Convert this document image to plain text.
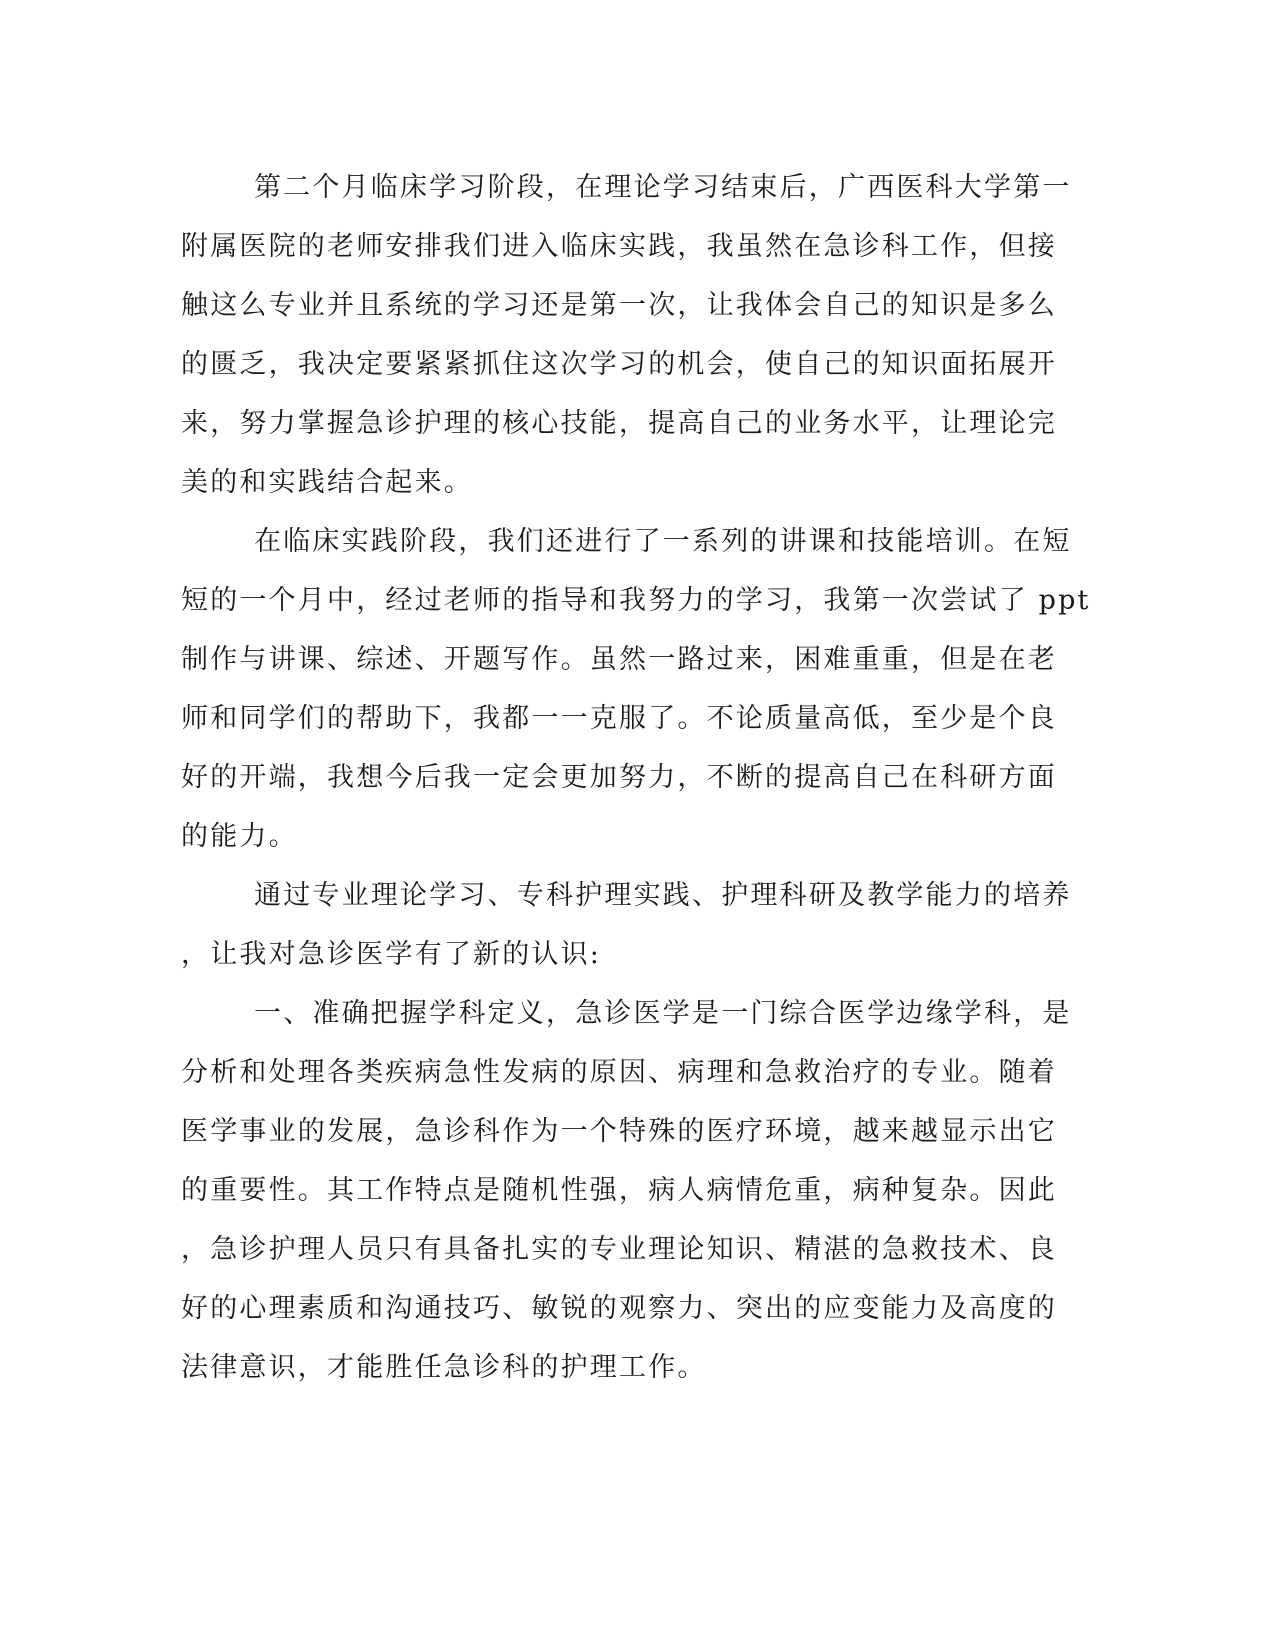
第二个月临床学习阶段，在理论学习结束后，广西医科大学第一
附属医院的老师安排我们进入临床实践，我虽然在急诊科工作，但接
触这么专业并且系统的学习还是第一次，让我体会自己的知识是多么
的匮乏，我决定要紧紧抓住这次学习的机会，使自己的知识面拓展开
来，努力掌握急诊护理的核心技能，提高自己的业务水平，让理论完
美的和实践结合起来。
在临床实践阶段，我们还进行了一系列的讲课和技能培训。在短
短的一个月中，经过老师的指导和我努力的学习，我第一次尝试了 ppt
制作与讲课、综述、开题写作。虽然一路过来，困难重重，但是在老
师和同学们的帮助下，我都一一克服了。不论质量高低，至少是个良
好的开端，我想今后我一定会更加努力，不断的提高自己在科研方面
的能力。
通过专业理论学习、专科护理实践、护理科研及教学能力的培养
，让我对急诊医学有了新的认识:
一、准确把握学科定义，急诊医学是一门综合医学边缘学科，是
分析和处理各类疾病急性发病的原因、病理和急救治疗的专业。随着
医学事业的发展，急诊科作为一个特殊的医疗环境，越来越显示出它
的重要性。其工作特点是随机性强，病人病情危重，病种复杂。因此
，急诊护理人员只有具备扎实的专业理论知识、精湛的急救技术、良
好的心理素质和沟通技巧、敏锐的观察力、突出的应变能力及高度的
法律意识，才能胜任急诊科的护理工作。
